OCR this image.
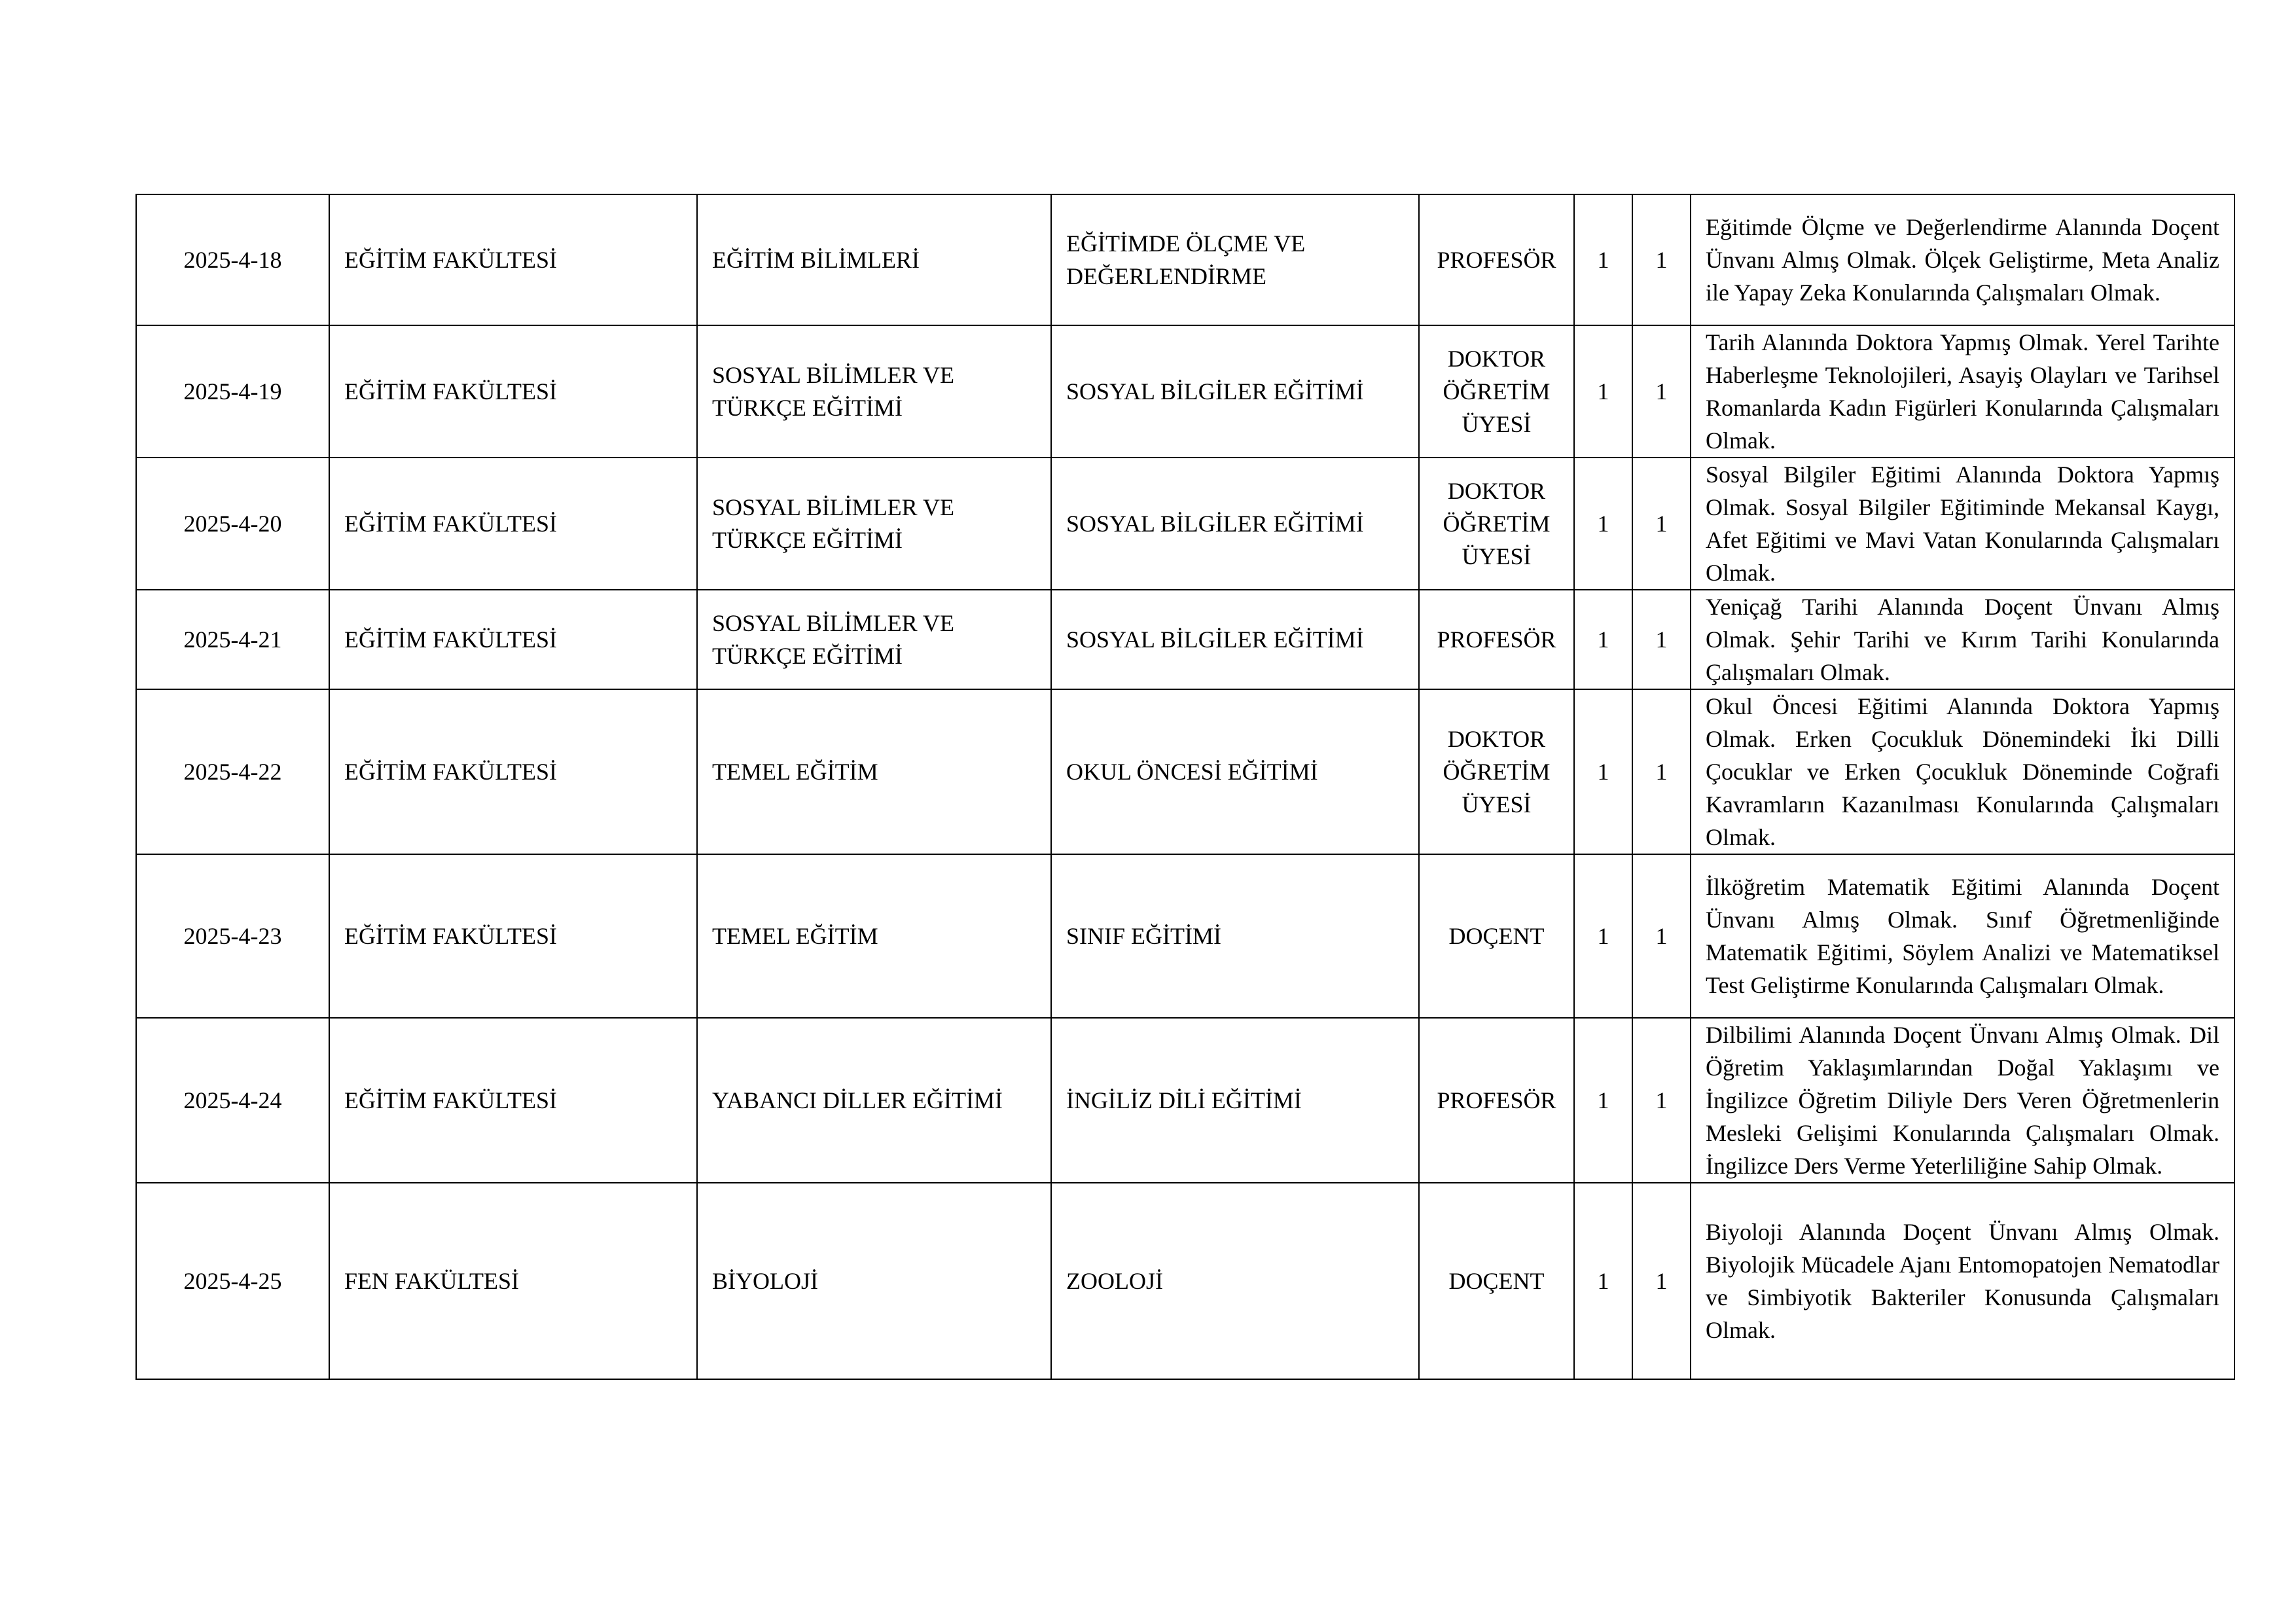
2025-4-18	EĞİTİM FAKÜLTESİ	EĞİTİM BİLİMLERİ	EĞİTİMDE ÖLÇME VE DEĞERLENDİRME	PROFESÖR	1	1	Eğitimde Ölçme ve Değerlendirme Alanında Doçent Ünvanı Almış Olmak. Ölçek Geliştirme, Meta Analiz ile Yapay Zeka Konularında Çalışmaları Olmak.
2025-4-19	EĞİTİM FAKÜLTESİ	SOSYAL BİLİMLER VE TÜRKÇE EĞİTİMİ	SOSYAL BİLGİLER EĞİTİMİ	DOKTOR ÖĞRETİM ÜYESİ	1	1	Tarih Alanında Doktora Yapmış Olmak. Yerel Tarihte Haberleşme Teknolojileri, Asayiş Olayları ve Tarihsel Romanlarda Kadın Figürleri Konularında Çalışmaları Olmak.
2025-4-20	EĞİTİM FAKÜLTESİ	SOSYAL BİLİMLER VE TÜRKÇE EĞİTİMİ	SOSYAL BİLGİLER EĞİTİMİ	DOKTOR ÖĞRETİM ÜYESİ	1	1	Sosyal Bilgiler Eğitimi Alanında Doktora Yapmış Olmak. Sosyal Bilgiler Eğitiminde Mekansal Kaygı, Afet Eğitimi ve Mavi Vatan Konularında Çalışmaları Olmak.
2025-4-21	EĞİTİM FAKÜLTESİ	SOSYAL BİLİMLER VE TÜRKÇE EĞİTİMİ	SOSYAL BİLGİLER EĞİTİMİ	PROFESÖR	1	1	Yeniçağ Tarihi Alanında Doçent Ünvanı Almış Olmak. Şehir Tarihi ve Kırım Tarihi Konularında Çalışmaları Olmak.
2025-4-22	EĞİTİM FAKÜLTESİ	TEMEL EĞİTİM	OKUL ÖNCESİ EĞİTİMİ	DOKTOR ÖĞRETİM ÜYESİ	1	1	Okul Öncesi Eğitimi Alanında Doktora Yapmış Olmak. Erken Çocukluk Dönemindeki İki Dilli Çocuklar ve Erken Çocukluk Döneminde Coğrafi Kavramların Kazanılması Konularında Çalışmaları Olmak.
2025-4-23	EĞİTİM FAKÜLTESİ	TEMEL EĞİTİM	SINIF EĞİTİMİ	DOÇENT	1	1	İlköğretim Matematik Eğitimi Alanında Doçent Ünvanı Almış Olmak. Sınıf Öğretmenliğinde Matematik Eğitimi, Söylem Analizi ve Matematiksel Test Geliştirme Konularında Çalışmaları Olmak.
2025-4-24	EĞİTİM FAKÜLTESİ	YABANCI DİLLER EĞİTİMİ	İNGİLİZ DİLİ EĞİTİMİ	PROFESÖR	1	1	Dilbilimi Alanında Doçent Ünvanı Almış Olmak. Dil Öğretim Yaklaşımlarından Doğal Yaklaşımı ve İngilizce Öğretim Diliyle Ders Veren Öğretmenlerin Mesleki Gelişimi Konularında Çalışmaları Olmak. İngilizce Ders Verme Yeterliliğine Sahip Olmak.
2025-4-25	FEN FAKÜLTESİ	BİYOLOJİ	ZOOLOJİ	DOÇENT	1	1	Biyoloji Alanında Doçent Ünvanı Almış Olmak. Biyolojik Mücadele Ajanı Entomopatojen Nematodlar ve Simbiyotik Bakteriler Konusunda Çalışmaları Olmak.
